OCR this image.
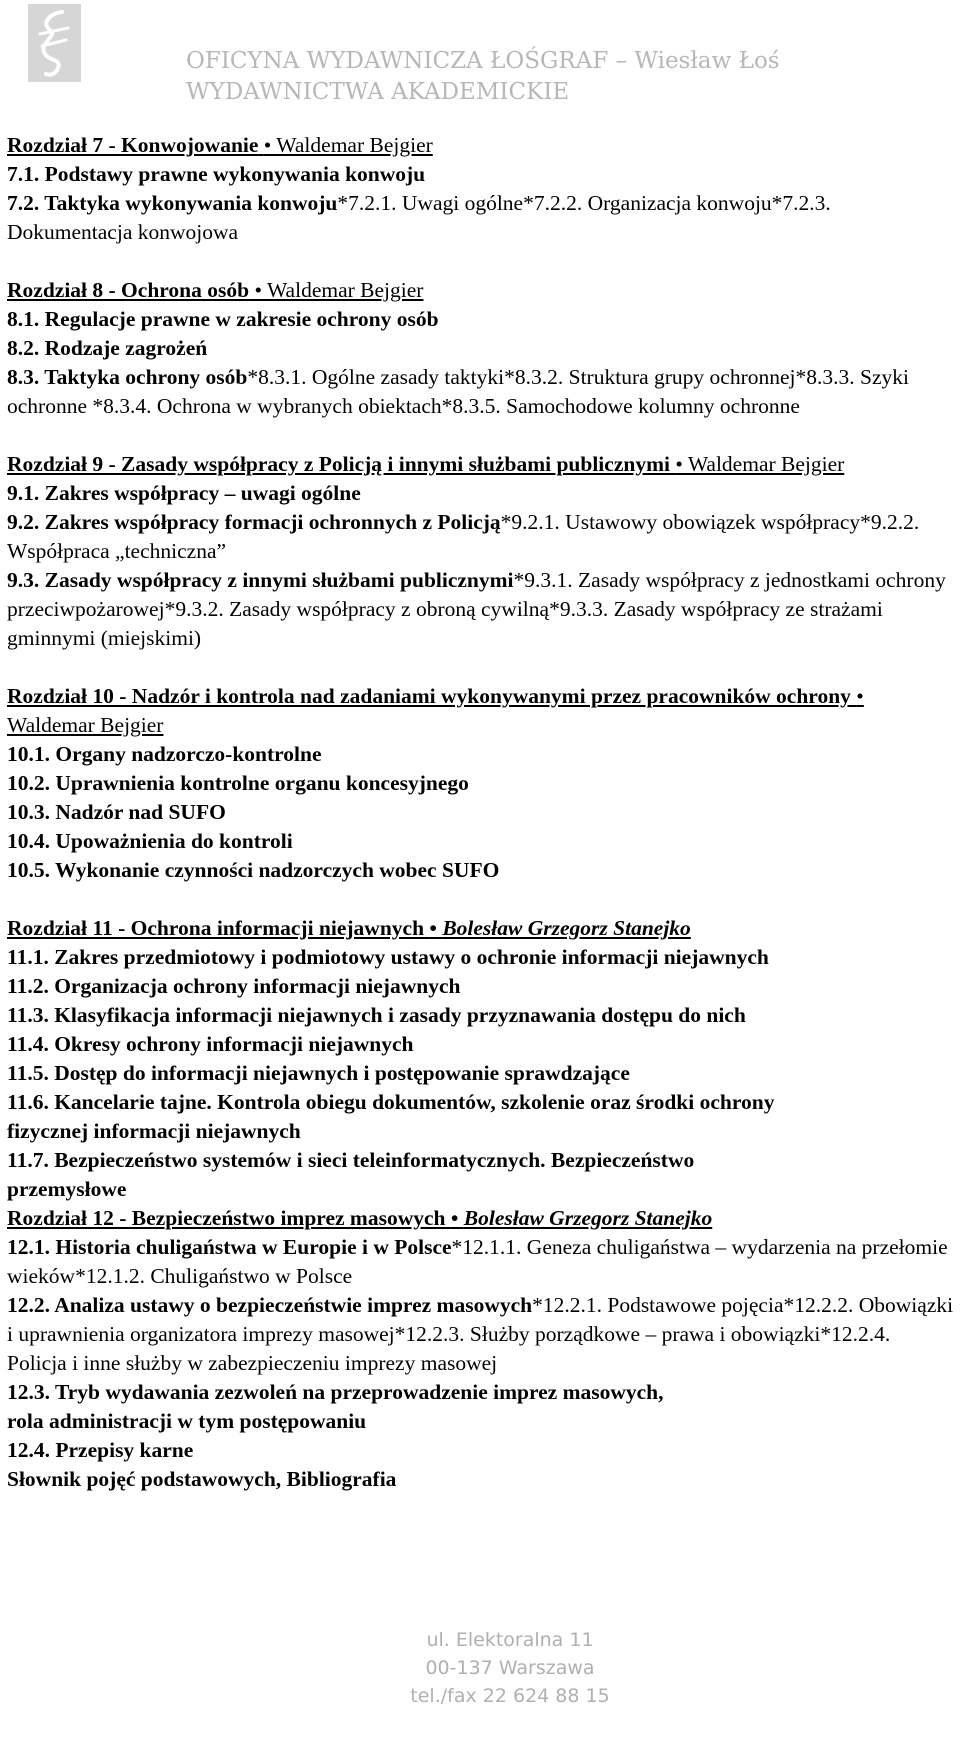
OFICYNA WYDAWNICZA ŁOŚGRAF – Wiesław Łoś
WYDAWNICTWA AKADEMICKIE
Rozdział 7 - Konwojowanie • Waldemar Bejgier
7.1. Podstawy prawne wykonywania konwoju
7.2. Taktyka wykonywania konwoju*7.2.1. Uwagi ogólne*7.2.2. Organizacja konwoju*7.2.3. Dokumentacja konwojowa
Rozdział 8 - Ochrona osób • Waldemar Bejgier
8.1. Regulacje prawne w zakresie ochrony osób
8.2. Rodzaje zagrożeń
8.3. Taktyka ochrony osób*8.3.1. Ogólne zasady taktyki*8.3.2. Struktura grupy ochronnej*8.3.3. Szyki ochronne *8.3.4. Ochrona w wybranych obiektach*8.3.5. Samochodowe kolumny ochronne
Rozdział 9 - Zasady współpracy z Policją i innymi służbami publicznymi • Waldemar Bejgier
9.1. Zakres współpracy – uwagi ogólne
9.2. Zakres współpracy formacji ochronnych z Policją*9.2.1. Ustawowy obowiązek współpracy*9.2.2. Współpraca „techniczna”
9.3. Zasady współpracy z innymi służbami publicznymi*9.3.1. Zasady współpracy z jednostkami ochrony przeciwpożarowej*9.3.2. Zasady współpracy z obroną cywilną*9.3.3. Zasady współpracy ze strażami gminnymi (miejskimi)
Rozdział 10 - Nadzór i kontrola nad zadaniami wykonywanymi przez pracowników ochrony • Waldemar Bejgier
10.1. Organy nadzorczo-kontrolne
10.2. Uprawnienia kontrolne organu koncesyjnego
10.3. Nadzór nad SUFO
10.4. Upoważnienia do kontroli
10.5. Wykonanie czynności nadzorczych wobec SUFO
Rozdział 11 - Ochrona informacji niejawnych • Bolesław Grzegorz Stanejko
11.1. Zakres przedmiotowy i podmiotowy ustawy o ochronie informacji niejawnych
11.2. Organizacja ochrony informacji niejawnych
11.3. Klasyfikacja informacji niejawnych i zasady przyznawania dostępu do nich
11.4. Okresy ochrony informacji niejawnych
11.5. Dostęp do informacji niejawnych i postępowanie sprawdzające
11.6. Kancelarie tajne. Kontrola obiegu dokumentów, szkolenie oraz środki ochrony
fizycznej informacji niejawnych
11.7. Bezpieczeństwo systemów i sieci teleinformatycznych. Bezpieczeństwo
przemysłowe
Rozdział 12 - Bezpieczeństwo imprez masowych • Bolesław Grzegorz Stanejko
12.1. Historia chuligaństwa w Europie i w Polsce*12.1.1. Geneza chuligaństwa – wydarzenia na przełomie wieków*12.1.2. Chuligaństwo w Polsce
12.2. Analiza ustawy o bezpieczeństwie imprez masowych*12.2.1. Podstawowe pojęcia*12.2.2. Obowiązki i uprawnienia organizatora imprezy masowej*12.2.3. Służby porządkowe – prawa i obowiązki*12.2.4. Policja i inne służby w zabezpieczeniu imprezy masowej
12.3. Tryb wydawania zezwoleń na przeprowadzenie imprez masowych,
rola administracji w tym postępowaniu
12.4. Przepisy karne
Słownik pojęć podstawowych, Bibliografia
ul. Elektoralna 11
00-137 Warszawa
tel./fax 22 624 88 15
